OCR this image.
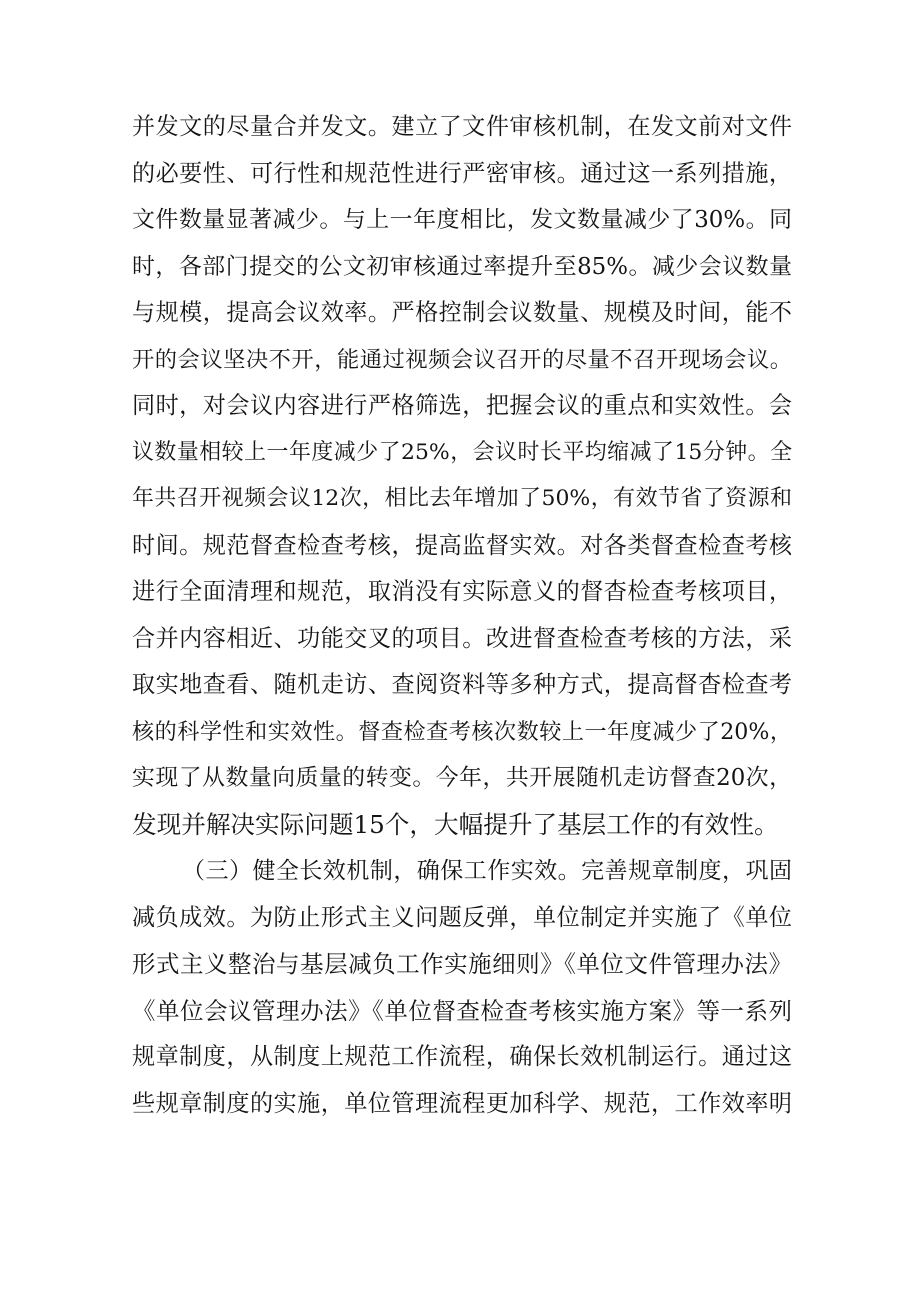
并发文的尽量合并发文。建立了文件审核机制，在发文前对文件
的必要性、可行性和规范性进行严密审核。通过这一系列措施，
文件数量显著减少。与上一年度相比，发文数量减少了30%。同
时，各部门提交的公文初审核通过率提升至85%。减少会议数量
与规模，提高会议效率。严格控制会议数量、规模及时间，能不
开的会议坚决不开，能通过视频会议召开的尽量不召开现场会议。
同时，对会议内容进行严格筛选，把握会议的重点和实效性。会
议数量相较上一年度减少了25%，会议时长平均缩减了15分钟。全
年共召开视频会议12次，相比去年增加了50%，有效节省了资源和
时间。规范督查检查考核，提高监督实效。对各类督查检查考核
进行全面清理和规范，取消没有实际意义的督杳检查考核项目，
合并内容相近、功能交叉的项目。改进督查检查考核的方法，采
取实地查看、随机走访、查阅资料等多种方式，提高督杳检查考
核的科学性和实效性。督查检查考核次数较上一年度减少了20%，
实现了从数量向质量的转变。今年，共开展随机走访督查20次，
发现并解决实际问题15个，大幅提升了基层工作的有效性。
（三）健全长效机制，确保工作实效。完善规章制度，巩固
减负成效。为防止形式主义问题反弹，单位制定并实施了《单位
形式主义整治与基层减负工作实施细则》《单位文件管理办法》
《单位会议管理办法》《单位督查检查考核实施方案》等一系列
规章制度，从制度上规范工作流程，确保长效机制运行。通过这
些规章制度的实施，单位管理流程更加科学、规范，工作效率明
